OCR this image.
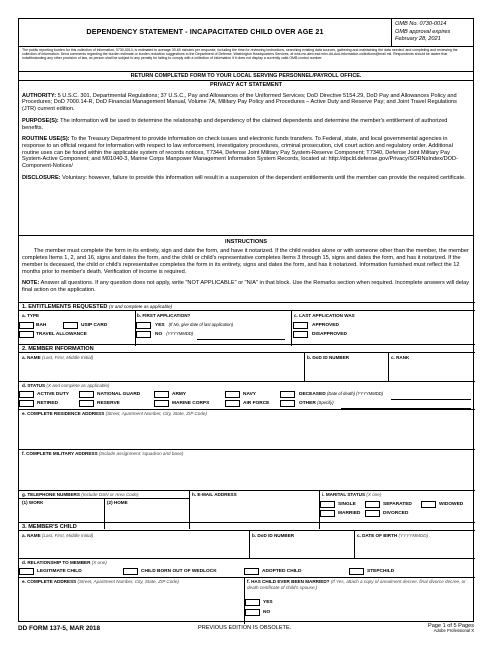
DEPENDENCY STATEMENT - INCAPACITATED CHILD OVER AGE 21
OMB No. 0730-0014
OMB approval expires
February 28, 2021
The public reporting burden for this collection of information, 0730-0014, is estimated to average 30-60 minutes per response, including the time for reviewing instructions, searching existing data sources, gathering and maintaining the data needed, and completing and reviewing the collection of information. Send comments regarding the burden estimate or burden reduction suggestions to the Department of Defense, Washington Headquarters Services, at whs.mc-alex.esd.mbx.dd-dod-information-collections@mail.mil. Respondents should be aware that notwithstanding any other provision of law, no person shall be subject to any penalty for failing to comply with a collection of information if it does not display a currently valid OMB control number.
RETURN COMPLETED FORM TO YOUR LOCAL SERVING PERSONNEL/PAYROLL OFFICE.
PRIVACY ACT STATEMENT

AUTHORITY: 5 U.S.C. 301, Departmental Regulations; 37 U.S.C., Pay and Allowances of the Uniformed Services; DoD Directive 5154.29, DoD Pay and Allowances Policy and Procedures; DoD 7000.14-R, DoD Financial Management Manual, Volume 7A, Military Pay Policy and Procedures – Active Duty and Reserve Pay; and Joint Travel Regulations (JTR) current edition.

PURPOSE(S): The information will be used to determine the relationship and dependency of the claimed dependents and determine the member's entitlement of authorized benefits.

ROUTINE USE(S): To the Treasury Department to provide information on check issues and electronic funds transfers. To Federal, state, and local governmental agencies in response to an official request for information with respect to law enforcement, investigatory procedures, criminal prosecution, civil court action and regulatory order. Additional routine uses can be found within the applicable system of records notices, T7344, Defense Joint Military Pay System-Reserve Component; T7340, Defense Joint Military Pay System-Active Component; and M01040-3, Marine Corps Manpower Management Information System Records, located at: http://dpcld.defense.gov/Privacy/SORNsIndex/DOD-Component-Notices/

DISCLOSURE: Voluntary: however, failure to provide this information will result in a suspension of the dependent entitlements until the member can provide the required certificate.

INSTRUCTIONS

The member must complete the form in its entirety, sign and date the form, and have it notarized. If the child resides alone or with someone other than the member, the member completes Items 1, 2, and 16, signs and dates the form, and the child or child's representative completes Items 3 through 15, signs and dates the form, and has it notarized. If the member is deceased, the child or child's representative completes the form in its entirety, signs and dates the form, and has it notarized. Information furnished must reflect the 12 months prior to member's death. Verification of income is required.

NOTE: Answer all questions. If any question does not apply, write "NOT APPLICABLE" or "N/A" in that block. Use the Remarks section when required. Incomplete answers will delay final action on the application.

1. ENTITLEMENTS REQUESTED (X and complete as applicable)
a. TYPE
BAH	USIP CARD
TRAVEL ALLOWANCE
b. FIRST APPLICATION?
YES (If No, give date of last application)
NO (YYYYMMDD)
c. LAST APPLICATION WAS
APPROVED
DISAPPROVED
2. MEMBER INFORMATION
a. NAME (Last, First, Middle Initial)	b. DoD ID NUMBER	c. RANK
d. STATUS (X and complete as applicable)
ACTIVE DUTY	NATIONAL GUARD	ARMY	NAVY	DECEASED (Date of death) (YYYYMMDD)
RETIRED	RESERVE	MARINE CORPS	AIR FORCE	OTHER (Specify)
e. COMPLETE RESIDENCE ADDRESS (Street, Apartment Number, City, State, ZIP Code)
f. COMPLETE MILITARY ADDRESS (Include assignment: squadron and base)
g. TELEPHONE NUMBERS (Include DSN or Area Code)
(1) WORK	(2) HOME
h. E-MAIL ADDRESS	i. MARITAL STATUS (X one)
SINGLE	SEPARATED	WIDOWED
MARRIED	DIVORCED
3. MEMBER'S CHILD
a. NAME (Last, First, Middle Initial)	b. DoD ID NUMBER	c. DATE OF BIRTH (YYYYMMDD)
d. RELATIONSHIP TO MEMBER (X one)
LEGITIMATE CHILD	CHILD BORN OUT OF WEDLOCK	ADOPTED CHILD	STEPCHILD
e. COMPLETE ADDRESS (Street, Apartment Number, City, State, ZIP Code)	f. HAS CHILD EVER BEEN MARRIED? (If Yes, attach a copy of annulment decree, final divorce decree, or death certificate of child's spouse.)
YES
NO
DD FORM 137-5, MAR 2018	PREVIOUS EDITION IS OBSOLETE.	Page 1 of 5 Pages
Adobe Professional X
